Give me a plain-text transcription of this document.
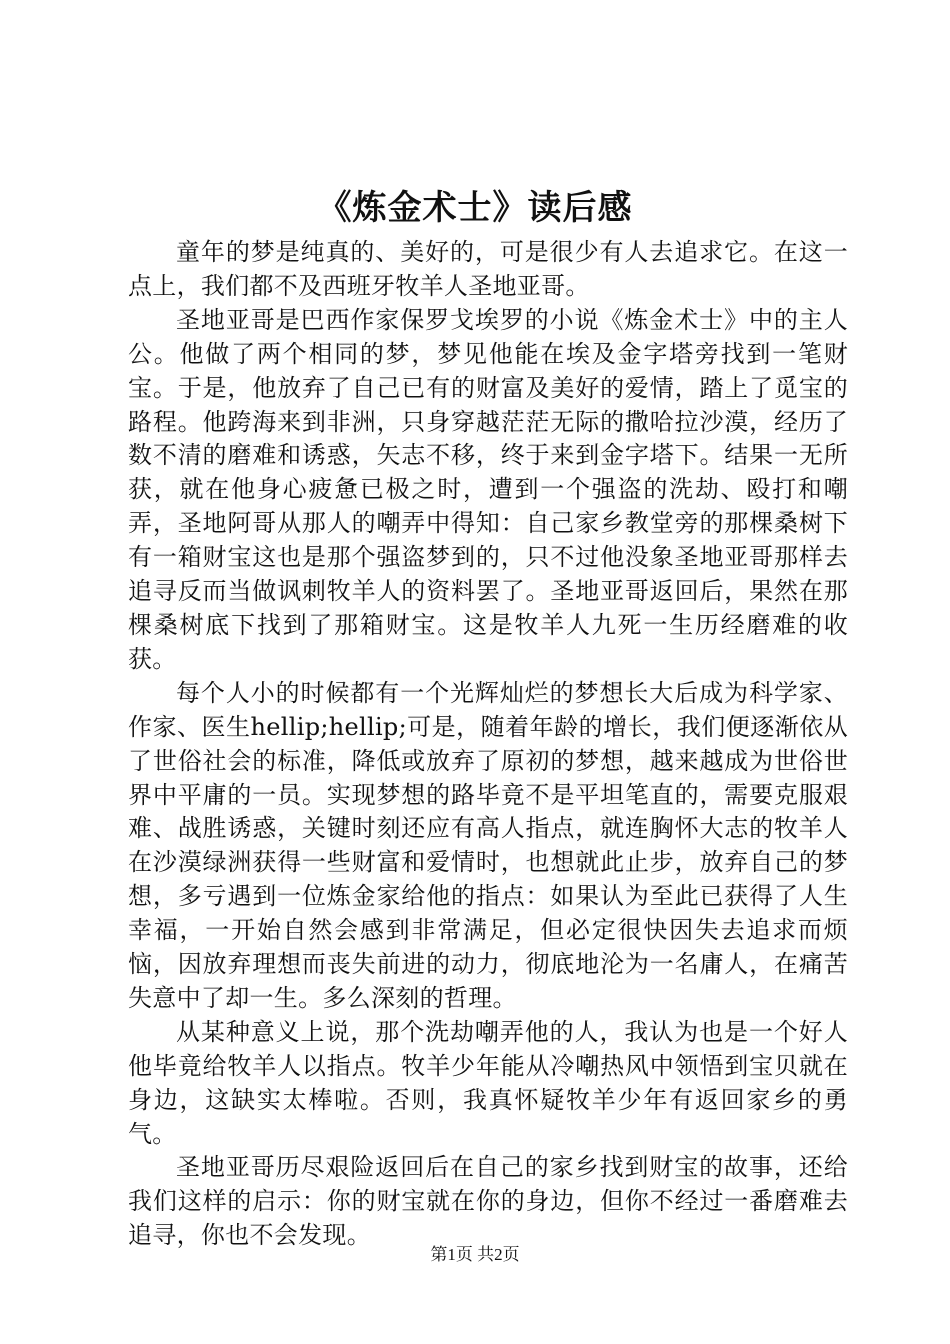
《炼金术士》读后感

童年的梦是纯真的、美好的，可是很少有人去追求它。在这一点上，我们都不及西班牙牧羊人圣地亚哥。

圣地亚哥是巴西作家保罗戈埃罗的小说《炼金术士》中的主人公。他做了两个相同的梦，梦见他能在埃及金字塔旁找到一笔财宝。于是，他放弃了自己已有的财富及美好的爱情，踏上了觅宝的路程。他跨海来到非洲，只身穿越茫茫无际的撒哈拉沙漠，经历了数不清的磨难和诱惑，矢志不移，终于来到金字塔下。结果一无所获，就在他身心疲惫已极之时，遭到一个强盗的洗劫、殴打和嘲弄，圣地阿哥从那人的嘲弄中得知：自己家乡教堂旁的那棵桑树下有一箱财宝这也是那个强盗梦到的，只不过他没象圣地亚哥那样去追寻反而当做讽刺牧羊人的资料罢了。圣地亚哥返回后，果然在那棵桑树底下找到了那箱财宝。这是牧羊人九死一生历经磨难的收获。

每个人小的时候都有一个光辉灿烂的梦想长大后成为科学家、作家、医生hellip;hellip;可是，随着年龄的增长，我们便逐渐依从了世俗社会的标准，降低或放弃了原初的梦想，越来越成为世俗世界中平庸的一员。实现梦想的路毕竟不是平坦笔直的，需要克服艰难、战胜诱惑，关键时刻还应有高人指点，就连胸怀大志的牧羊人在沙漠绿洲获得一些财富和爱情时，也想就此止步，放弃自己的梦想，多亏遇到一位炼金家给他的指点：如果认为至此已获得了人生幸福，一开始自然会感到非常满足，但必定很快因失去追求而烦恼，因放弃理想而丧失前进的动力，彻底地沦为一名庸人，在痛苦失意中了却一生。多么深刻的哲理。

从某种意义上说，那个洗劫嘲弄他的人，我认为也是一个好人他毕竟给牧羊人以指点。牧羊少年能从冷嘲热风中领悟到宝贝就在身边，这缺实太棒啦。否则，我真怀疑牧羊少年有返回家乡的勇气。

圣地亚哥历尽艰险返回后在自己的家乡找到财宝的故事，还给我们这样的启示：你的财宝就在你的身边，但你不经过一番磨难去追寻，你也不会发现。

第1页 共2页
